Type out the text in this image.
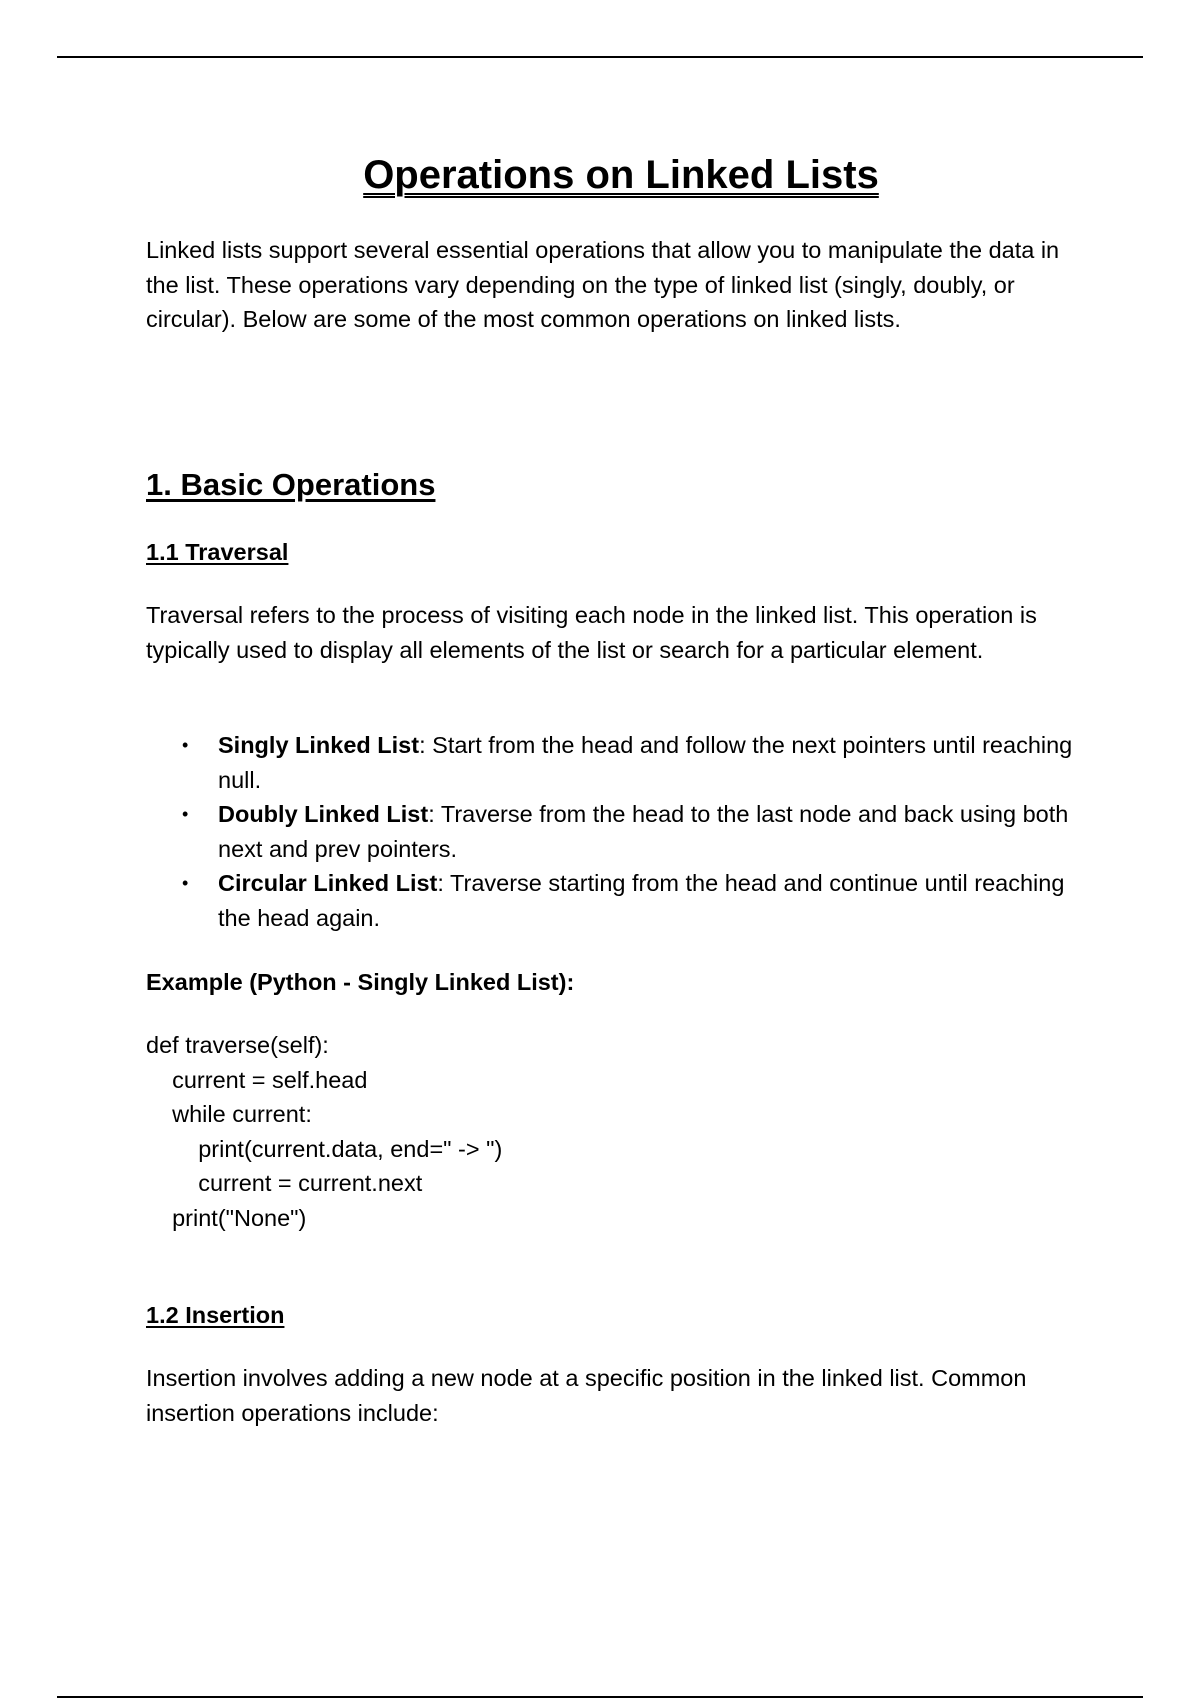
Operations on Linked Lists

Linked lists support several essential operations that allow you to manipulate the data in the list. These operations vary depending on the type of linked list (singly, doubly, or circular). Below are some of the most common operations on linked lists.

1. Basic Operations
1.1 Traversal

Traversal refers to the process of visiting each node in the linked list. This operation is typically used to display all elements of the list or search for a particular element.

• Singly Linked List: Start from the head and follow the next pointers until reaching null.
• Doubly Linked List: Traverse from the head to the last node and back using both next and prev pointers.
• Circular Linked List: Traverse starting from the head and continue until reaching the head again.

Example (Python - Singly Linked List):

def traverse(self):
current = self.head
while current:
print(current.data, end=" -> ")
current = current.next
print("None")
1.2 Insertion

Insertion involves adding a new node at a specific position in the linked list. Common insertion operations include:
